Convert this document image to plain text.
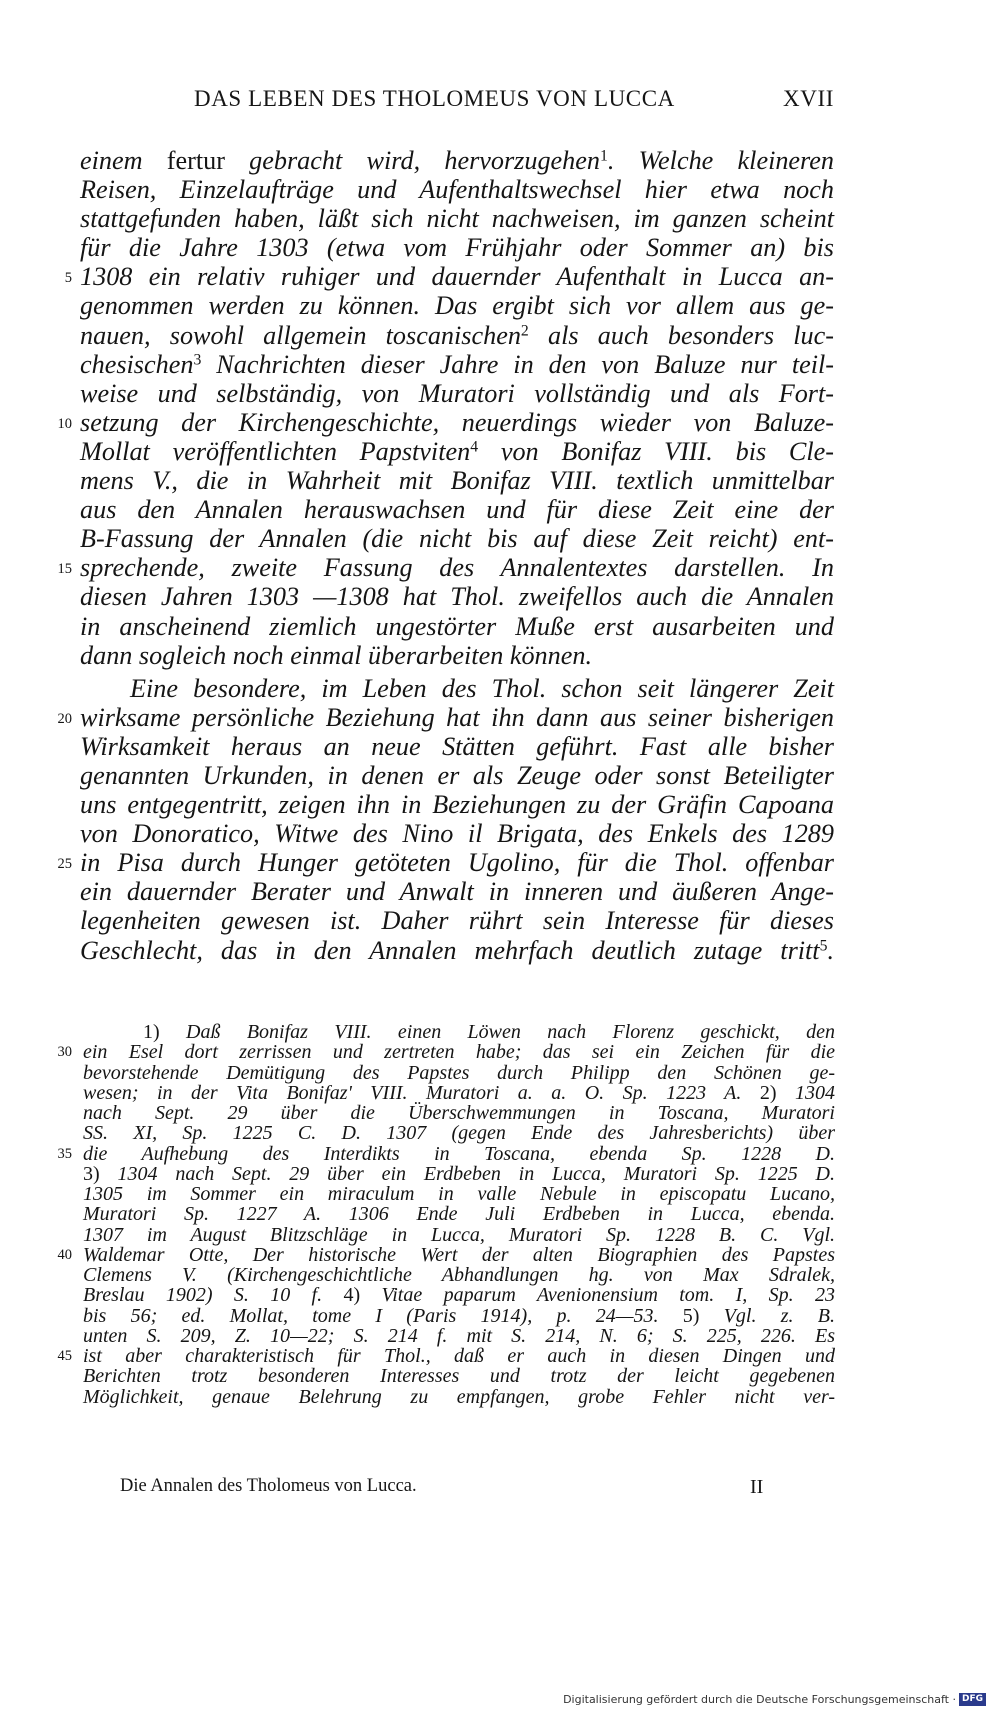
DAS LEBEN DES THOLOMEUS VON LUCCA	XVII
einem fertur gebracht wird, hervorzugehen$^1$. Welche kleineren
Reisen, Einzelaufträge und Aufenthaltswechsel hier etwa noch
stattgefunden haben, läßt sich nicht nachweisen, im ganzen scheint
für die Jahre 1303 (etwa vom Frühjahr oder Sommer an) bis
1308 ein relativ ruhiger und dauernder Aufenthalt in Lucca an-
genommen werden zu können. Das ergibt sich vor allem aus ge-
nauen, sowohl allgemein toscanischen$^2$ als auch besonders luc-
chesischen$^3$ Nachrichten dieser Jahre in den von Baluze nur teil-
weise und selbständig, von Muratori vollständig und als Fort-
setzung der Kirchengeschichte, neuerdings wieder von Baluze-
Mollat veröffentlichten Papstviten$^4$ von Bonifaz VIII. bis Cle-
mens V., die in Wahrheit mit Bonifaz VIII. textlich unmittelbar
aus den Annalen herauswachsen und für diese Zeit eine der
B-Fassung der Annalen (die nicht bis auf diese Zeit reicht) ent-
sprechende, zweite Fassung des Annalentextes darstellen. In
diesen Jahren 1303 —1308 hat Thol. zweifellos auch die Annalen
in anscheinend ziemlich ungestörter Muße erst ausarbeiten und
dann sogleich noch einmal überarbeiten können.
Eine besondere, im Leben des Thol. schon seit längerer Zeit
wirksame persönliche Beziehung hat ihn dann aus seiner bisherigen
Wirksamkeit heraus an neue Stätten geführt. Fast alle bisher
genannten Urkunden, in denen er als Zeuge oder sonst Beteiligter
uns entgegentritt, zeigen ihn in Beziehungen zu der Gräfin Capoana
von Donoratico, Witwe des Nino il Brigata, des Enkels des 1289
in Pisa durch Hunger getöteten Ugolino, für die Thol. offenbar
ein dauernder Berater und Anwalt in inneren und äußeren Ange-
legenheiten gewesen ist. Daher rührt sein Interesse für dieses
Geschlecht, das in den Annalen mehrfach deutlich zutage tritt$^5$.
5
10
15
20
25
1) Daß Bonifaz VIII. einen Löwen nach Florenz geschickt, den
ein Esel dort zerrissen und zertreten habe; das sei ein Zeichen für die
bevorstehende Demütigung des Papstes durch Philipp den Schönen ge-
wesen; in der Vita Bonifaz' VIII. Muratori a. a. O. Sp. 1223 A. 2) 1304
nach Sept. 29 über die Überschwemmungen in Toscana, Muratori
SS. XI, Sp. 1225 C. D. 1307 (gegen Ende des Jahresberichts) über
die Aufhebung des Interdikts in Toscana, ebenda Sp. 1228 D.
3) 1304 nach Sept. 29 über ein Erdbeben in Lucca, Muratori Sp. 1225 D.
1305 im Sommer ein miraculum in valle Nebule in episcopatu Lucano,
Muratori Sp. 1227 A. 1306 Ende Juli Erdbeben in Lucca, ebenda.
1307 im August Blitzschläge in Lucca, Muratori Sp. 1228 B. C. Vgl.
Waldemar Otte, Der historische Wert der alten Biographien des Papstes
Clemens V. (Kirchengeschichtliche Abhandlungen hg. von Max Sdralek,
Breslau 1902) S. 10 f. 4) Vitae paparum Avenionensium tom. I, Sp. 23
bis 56; ed. Mollat, tome I (Paris 1914), p. 24—53. 5) Vgl. z. B.
unten S. 209, Z. 10—22; S. 214 f. mit S. 214, N. 6; S. 225, 226. Es
ist aber charakteristisch für Thol., daß er auch in diesen Dingen und
Berichten trotz besonderen Interesses und trotz der leicht gegebenen
Möglichkeit, genaue Belehrung zu empfangen, grobe Fehler nicht ver-
30
35
40
45
Die Annalen des Tholomeus von Lucca.	II
Digitalisierung gefördert durch die Deutsche Forschungsgemeinschaft · DFG
